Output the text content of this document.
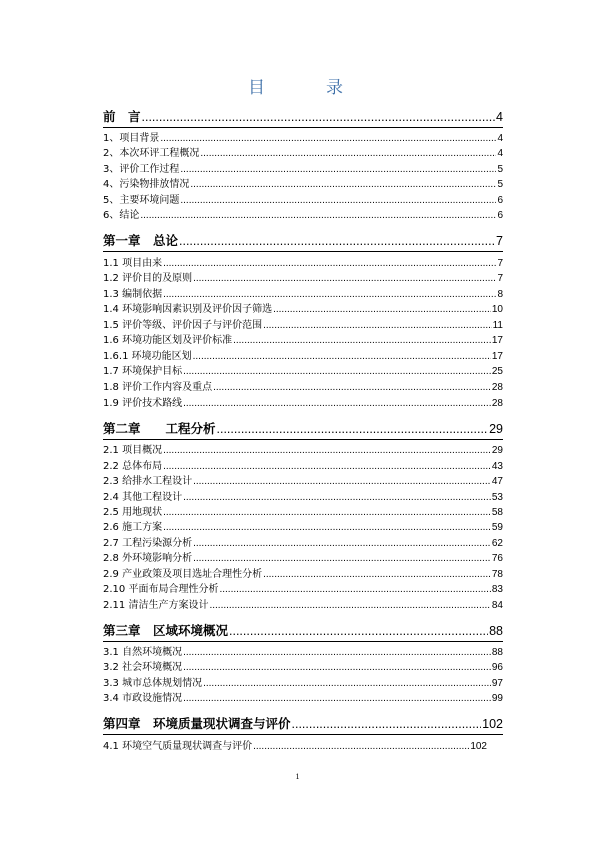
目　录
前　言 .....	4
1、项目背景 .....	4
2、本次环评工程概况 .....	4
3、评价工作过程 .....	5
4、污染物排放情况 .....	5
5、主要环境问题 .....	6
6、结论 .....	6
第一章　总论 .....	7
1.1 项目由来 .....	7
1.2 评价目的及原则 .....	7
1.3 编制依据 .....	8
1.4 环境影响因素识别及评价因子筛选 .....	10
1.5 评价等级、评价因子与评价范围 .....	11
1.6 环境功能区划及评价标准 .....	17
1.6.1 环境功能区划 .....	17
1.7 环境保护目标 .....	25
1.8 评价工作内容及重点 .....	28
1.9 评价技术路线 .....	28
第二章　　工程分析 .....	29
2.1 项目概况 .....	29
2.2 总体布局 .....	43
2.3 给排水工程设计 .....	47
2.4 其他工程设计 .....	53
2.5 用地现状 .....	58
2.6 施工方案 .....	59
2.7 工程污染源分析 .....	62
2.8 外环境影响分析 .....	76
2.9 产业政策及项目选址合理性分析 .....	78
2.10 平面布局合理性分析 .....	83
2.11 清洁生产方案设计 .....	84
第三章　区域环境概况 .....	88
3.1 自然环境概况 .....	88
3.2 社会环境概况 .....	96
3.3 城市总体规划情况 .....	97
3.4 市政设施情况 .....	99
第四章　环境质量现状调查与评价 .....	102
4.1 环境空气质量现状调查与评价 .....	102
1
